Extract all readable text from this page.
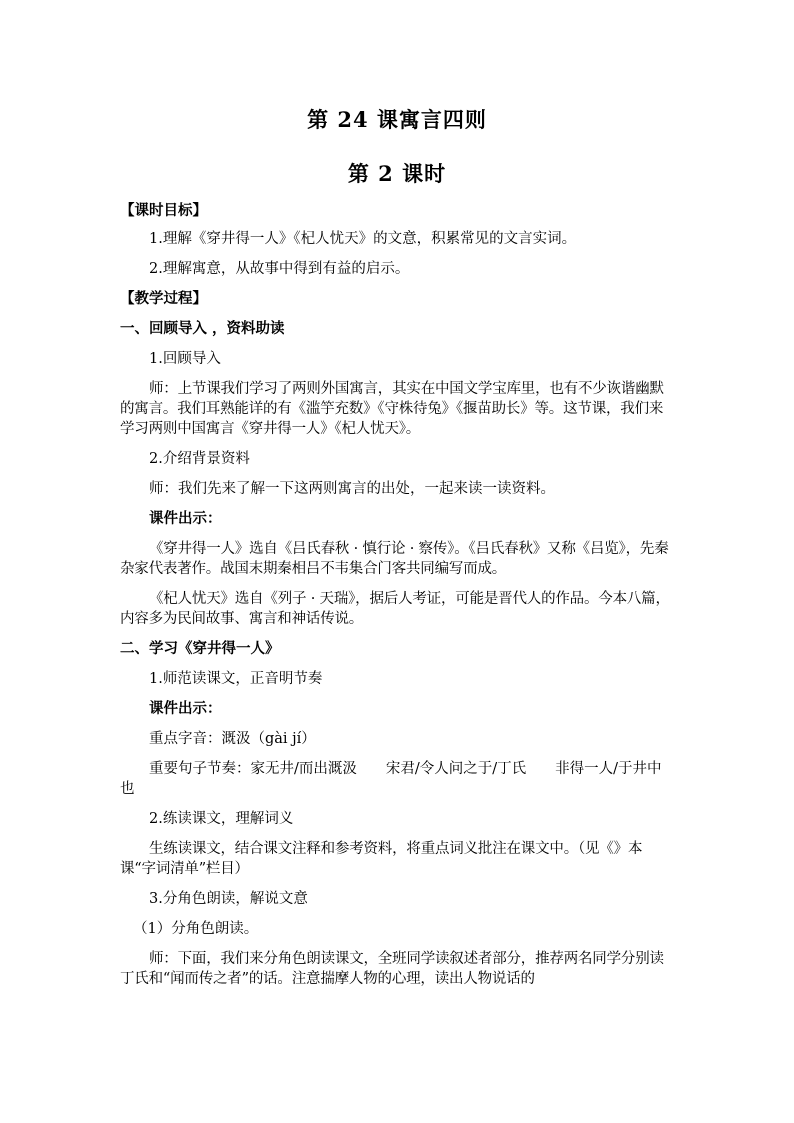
第 24 课寓言四则
第 2 课时

【课时目标】

1.理解《穿井得一人》《杞人忧天》的文意，积累常见的文言实词。

2.理解寓意，从故事中得到有益的启示。

【教学过程】

一、回顾导入 ，资料助读

1.回顾导入

师：上节课我们学习了两则外国寓言，其实在中国文学宝库里，也有不少诙谐幽默的寓言。我们耳熟能详的有《滥竽充数》《守株待兔》《揠苗助长》等。这节课，我们来学习两则中国寓言《穿井得一人》《杞人忧天》。

2.介绍背景资料

师：我们先来了解一下这两则寓言的出处，一起来读一读资料。

课件出示：

《穿井得一人》选自《吕氏春秋 · 慎行论 · 察传》。《吕氏春秋》又称《吕览》，先秦杂家代表著作。战国末期秦相吕不韦集合门客共同编写而成。

《杞人忧天》选自《列子 · 天瑞》，据后人考证，可能是晋代人的作品。今本八篇，内容多为民间故事、寓言和神话传说。

二、学习《穿井得一人》

1.师范读课文，正音明节奏

课件出示：

重点字音：溉汲（gài jí）

重要句子节奏：家无井/而出溉汲　　宋君/令人问之于/丁氏　　非得一人/于井中也

2.练读课文，理解词义

生练读课文，结合课文注释和参考资料，将重点词义批注在课文中。（见《》本课“字词清单”栏目）

3.分角色朗读，解说文意

（1）分角色朗读。

师：下面，我们来分角色朗读课文，全班同学读叙述者部分，推荐两名同学分别读丁氏和“闻而传之者”的话。注意揣摩人物的心理，读出人物说话的
